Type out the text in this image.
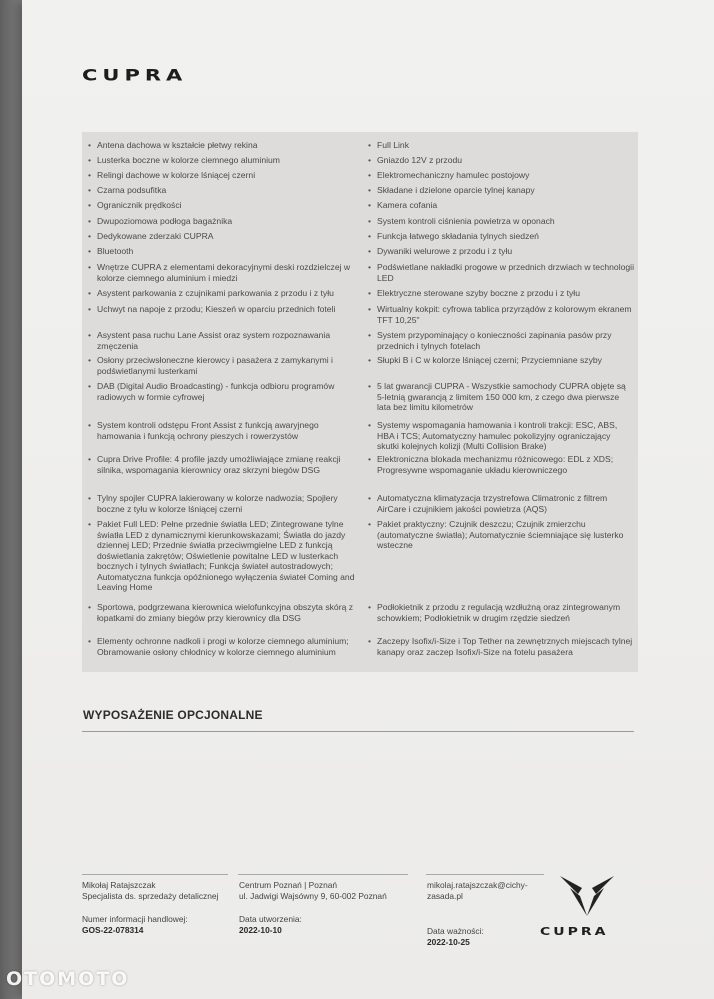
CUPRA
• Antena dachowa w kształcie płetwy rekina
• Lusterka boczne w kolorze ciemnego aluminium
• Relingi dachowe w kolorze lśniącej czerni
• Czarna podsufitka
• Ogranicznik prędkości
• Dwupoziomowa podłoga bagażnika
• Dedykowane zderzaki CUPRA
• Bluetooth
• Wnętrze CUPRA z elementami dekoracyjnymi deski rozdzielczej w kolorze ciemnego aluminium i miedzi
• Asystent parkowania z czujnikami parkowania z przodu i z tyłu
• Uchwyt na napoje z przodu; Kieszeń w oparciu przednich foteli
• Asystent pasa ruchu Lane Assist oraz system rozpoznawania zmęczenia
• Osłony przeciwsłoneczne kierowcy i pasażera z zamykanymi i podświetlanymi lusterkami
• DAB (Digital Audio Broadcasting) - funkcja odbioru programów radiowych w formie cyfrowej
• System kontroli odstępu Front Assist z funkcją awaryjnego hamowania i funkcją ochrony pieszych i rowerzystów
• Cupra Drive Profile: 4 profile jazdy umożliwiające zmianę reakcji silnika, wspomagania kierownicy oraz skrzyni biegów DSG
• Tylny spojler CUPRA lakierowany w kolorze nadwozia; Spojlery boczne z tyłu w kolorze lśniącej czerni
• Pakiet Full LED: Pełne przednie światła LED; Zintegrowane tylne światła LED z dynamicznymi kierunkowskazami; Światła do jazdy dziennej LED; Przednie światła przeciwmgielne LED z funkcją doświetlania zakrętów; Oświetlenie powitalne LED w lusterkach bocznych i tylnych światłach; Funkcja świateł autostradowych; Automatyczna funkcja opóźnionego wyłączenia świateł Coming and Leaving Home
• Sportowa, podgrzewana kierownica wielofunkcyjna obszyta skórą z łopatkami do zmiany biegów przy kierownicy dla DSG
• Elementy ochronne nadkoli i progi w kolorze ciemnego aluminium; Obramowanie osłony chłodnicy w kolorze ciemnego aluminium
• Full Link
• Gniazdo 12V z przodu
• Elektromechaniczny hamulec postojowy
• Składane i dzielone oparcie tylnej kanapy
• Kamera cofania
• System kontroli ciśnienia powietrza w oponach
• Funkcja łatwego składania tylnych siedzeń
• Dywaniki welurowe z przodu i z tyłu
• Podświetlane nakładki progowe w przednich drzwiach w technologii LED
• Elektryczne sterowane szyby boczne z przodu i z tyłu
• Wirtualny kokpit: cyfrowa tablica przyrządów z kolorowym ekranem TFT 10,25"
• System przypominający o konieczności zapinania pasów przy przednich i tylnych fotelach
• Słupki B i C w kolorze lśniącej czerni; Przyciemniane szyby
• 5 lat gwarancji CUPRA - Wszystkie samochody CUPRA objęte są 5-letnią gwarancją z limitem 150 000 km, z czego dwa pierwsze lata bez limitu kilometrów
• Systemy wspomagania hamowania i kontroli trakcji: ESC, ABS, HBA i TCS; Automatyczny hamulec pokolizyjny ograniczający skutki kolejnych kolizji (Multi Collision Brake)
• Elektroniczna blokada mechanizmu różnicowego: EDL z XDS; Progresywne wspomaganie układu kierowniczego
• Automatyczna klimatyzacja trzystrefowa Climatronic z filtrem AirCare i czujnikiem jakości powietrza (AQS)
• Pakiet praktyczny: Czujnik deszczu; Czujnik zmierzchu (automatyczne światła); Automatycznie ściemniające się lusterko wsteczne
• Podłokietnik z przodu z regulacją wzdłużną oraz zintegrowanym schowkiem; Podłokietnik w drugim rzędzie siedzeń
• Zaczepy Isofix/i-Size i Top Tether na zewnętrznych miejscach tylnej kanapy oraz zaczep Isofix/i-Size na fotelu pasażera
WYPOSAŻENIE OPCJONALNE
Mikołaj Ratajszczak
Specjalista ds. sprzedaży detalicznej
Numer informacji handlowej:
GOS-22-078314
Centrum Poznań | Poznań
ul. Jadwigi Wajsówny 9, 60-002 Poznań
Data utworzenia:
2022-10-10
mikolaj.ratajszczak@cichy-
zasada.pl
Data ważności:
2022-10-25
CUPRA
OTOMOTO
